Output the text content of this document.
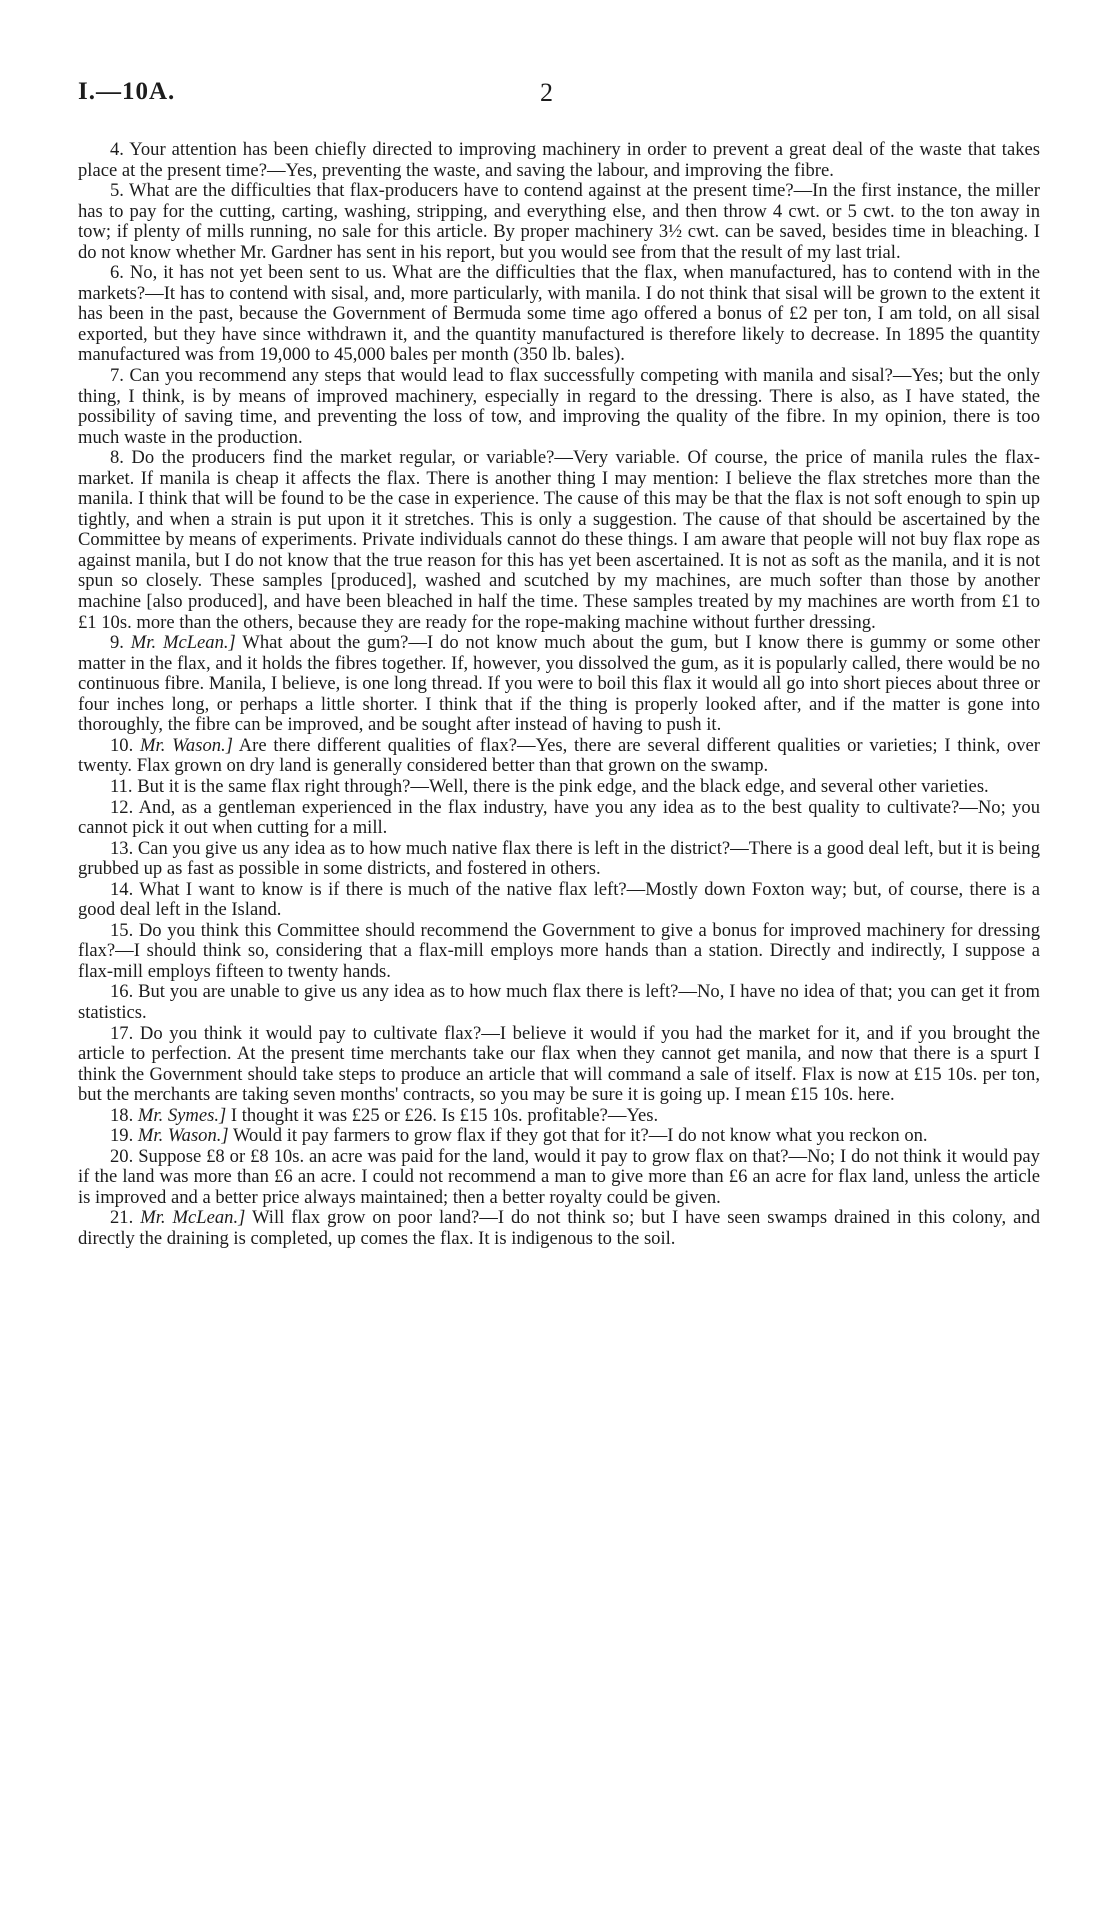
I.—10A.	2

4. Your attention has been chiefly directed to improving machinery in order to prevent a great deal of the waste that takes place at the present time?—Yes, preventing the waste, and saving the labour, and improving the fibre.

5. What are the difficulties that flax-producers have to contend against at the present time?—In the first instance, the miller has to pay for the cutting, carting, washing, stripping, and everything else, and then throw 4 cwt. or 5 cwt. to the ton away in tow; if plenty of mills running, no sale for this article. By proper machinery 3½ cwt. can be saved, besides time in bleaching. I do not know whether Mr. Gardner has sent in his report, but you would see from that the result of my last trial.

6. No, it has not yet been sent to us. What are the difficulties that the flax, when manufactured, has to contend with in the markets?—It has to contend with sisal, and, more particularly, with manila. I do not think that sisal will be grown to the extent it has been in the past, because the Government of Bermuda some time ago offered a bonus of £2 per ton, I am told, on all sisal exported, but they have since withdrawn it, and the quantity manufactured is therefore likely to decrease. In 1895 the quantity manufactured was from 19,000 to 45,000 bales per month (350 lb. bales).

7. Can you recommend any steps that would lead to flax successfully competing with manila and sisal?—Yes; but the only thing, I think, is by means of improved machinery, especially in regard to the dressing. There is also, as I have stated, the possibility of saving time, and preventing the loss of tow, and improving the quality of the fibre. In my opinion, there is too much waste in the production.

8. Do the producers find the market regular, or variable?—Very variable. Of course, the price of manila rules the flax-market. If manila is cheap it affects the flax. There is another thing I may mention: I believe the flax stretches more than the manila. I think that will be found to be the case in experience. The cause of this may be that the flax is not soft enough to spin up tightly, and when a strain is put upon it it stretches. This is only a suggestion. The cause of that should be ascertained by the Committee by means of experiments. Private individuals cannot do these things. I am aware that people will not buy flax rope as against manila, but I do not know that the true reason for this has yet been ascertained. It is not as soft as the manila, and it is not spun so closely. These samples [produced], washed and scutched by my machines, are much softer than those by another machine [also produced], and have been bleached in half the time. These samples treated by my machines are worth from £1 to £1 10s. more than the others, because they are ready for the rope-making machine without further dressing.

9. Mr. McLean.] What about the gum?—I do not know much about the gum, but I know there is gummy or some other matter in the flax, and it holds the fibres together. If, however, you dissolved the gum, as it is popularly called, there would be no continuous fibre. Manila, I believe, is one long thread. If you were to boil this flax it would all go into short pieces about three or four inches long, or perhaps a little shorter. I think that if the thing is properly looked after, and if the matter is gone into thoroughly, the fibre can be improved, and be sought after instead of having to push it.

10. Mr. Wason.] Are there different qualities of flax?—Yes, there are several different qualities or varieties; I think, over twenty. Flax grown on dry land is generally considered better than that grown on the swamp.

11. But it is the same flax right through?—Well, there is the pink edge, and the black edge, and several other varieties.

12. And, as a gentleman experienced in the flax industry, have you any idea as to the best quality to cultivate?—No; you cannot pick it out when cutting for a mill.

13. Can you give us any idea as to how much native flax there is left in the district?—There is a good deal left, but it is being grubbed up as fast as possible in some districts, and fostered in others.

14. What I want to know is if there is much of the native flax left?—Mostly down Foxton way; but, of course, there is a good deal left in the Island.

15. Do you think this Committee should recommend the Government to give a bonus for improved machinery for dressing flax?—I should think so, considering that a flax-mill employs more hands than a station. Directly and indirectly, I suppose a flax-mill employs fifteen to twenty hands.

16. But you are unable to give us any idea as to how much flax there is left?—No, I have no idea of that; you can get it from statistics.

17. Do you think it would pay to cultivate flax?—I believe it would if you had the market for it, and if you brought the article to perfection. At the present time merchants take our flax when they cannot get manila, and now that there is a spurt I think the Government should take steps to produce an article that will command a sale of itself. Flax is now at £15 10s. per ton, but the merchants are taking seven months' contracts, so you may be sure it is going up. I mean £15 10s. here.

18. Mr. Symes.] I thought it was £25 or £26. Is £15 10s. profitable?—Yes.

19. Mr. Wason.] Would it pay farmers to grow flax if they got that for it?—I do not know what you reckon on.

20. Suppose £8 or £8 10s. an acre was paid for the land, would it pay to grow flax on that?—No; I do not think it would pay if the land was more than £6 an acre. I could not recommend a man to give more than £6 an acre for flax land, unless the article is improved and a better price always maintained; then a better royalty could be given.

21. Mr. McLean.] Will flax grow on poor land?—I do not think so; but I have seen swamps drained in this colony, and directly the draining is completed, up comes the flax. It is indigenous to the soil.
